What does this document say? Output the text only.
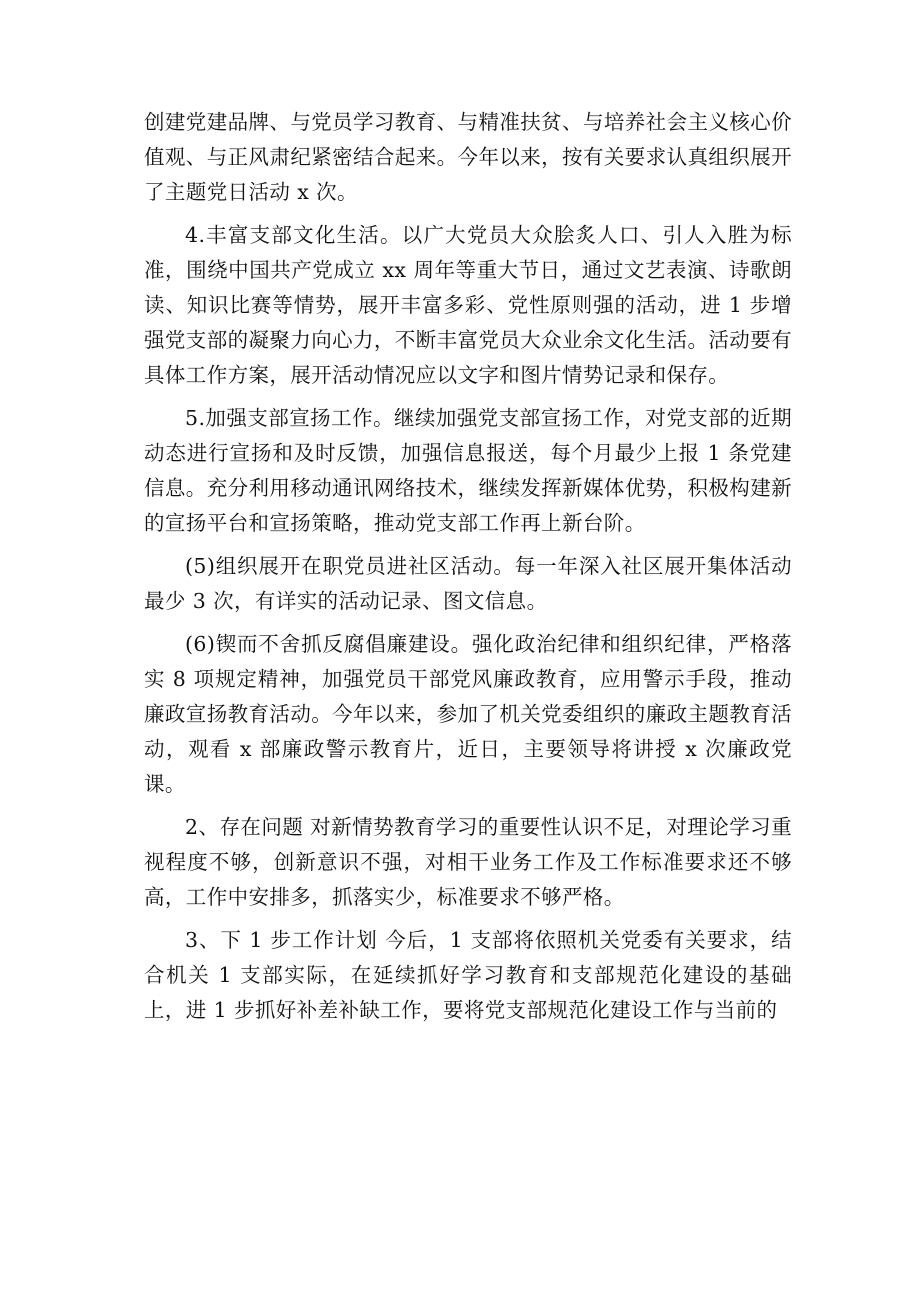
创建党建品牌、与党员学习教育、与精准扶贫、与培养社会主义核心价值观、与正风肃纪紧密结合起来。今年以来，按有关要求认真组织展开了主题党日活动 x 次。

4.丰富支部文化生活。以广大党员大众脍炙人口、引人入胜为标准，围绕中国共产党成立 xx 周年等重大节日，通过文艺表演、诗歌朗读、知识比赛等情势，展开丰富多彩、党性原则强的活动，进 1 步增强党支部的凝聚力向心力，不断丰富党员大众业余文化生活。活动要有具体工作方案，展开活动情况应以文字和图片情势记录和保存。

5.加强支部宣扬工作。继续加强党支部宣扬工作，对党支部的近期动态进行宣扬和及时反馈，加强信息报送，每个月最少上报 1 条党建信息。充分利用移动通讯网络技术，继续发挥新媒体优势，积极构建新的宣扬平台和宣扬策略，推动党支部工作再上新台阶。

(5)组织展开在职党员进社区活动。每一年深入社区展开集体活动最少 3 次，有详实的活动记录、图文信息。

(6)锲而不舍抓反腐倡廉建设。强化政治纪律和组织纪律，严格落实 8 项规定精神，加强党员干部党风廉政教育，应用警示手段，推动廉政宣扬教育活动。今年以来，参加了机关党委组织的廉政主题教育活动，观看 x 部廉政警示教育片，近日，主要领导将讲授 x 次廉政党课。

2、存在问题 对新情势教育学习的重要性认识不足，对理论学习重视程度不够，创新意识不强，对相干业务工作及工作标准要求还不够高，工作中安排多，抓落实少，标准要求不够严格。

3、下 1 步工作计划 今后，1 支部将依照机关党委有关要求，结合机关 1 支部实际，在延续抓好学习教育和支部规范化建设的基础上，进 1 步抓好补差补缺工作，要将党支部规范化建设工作与当前的
